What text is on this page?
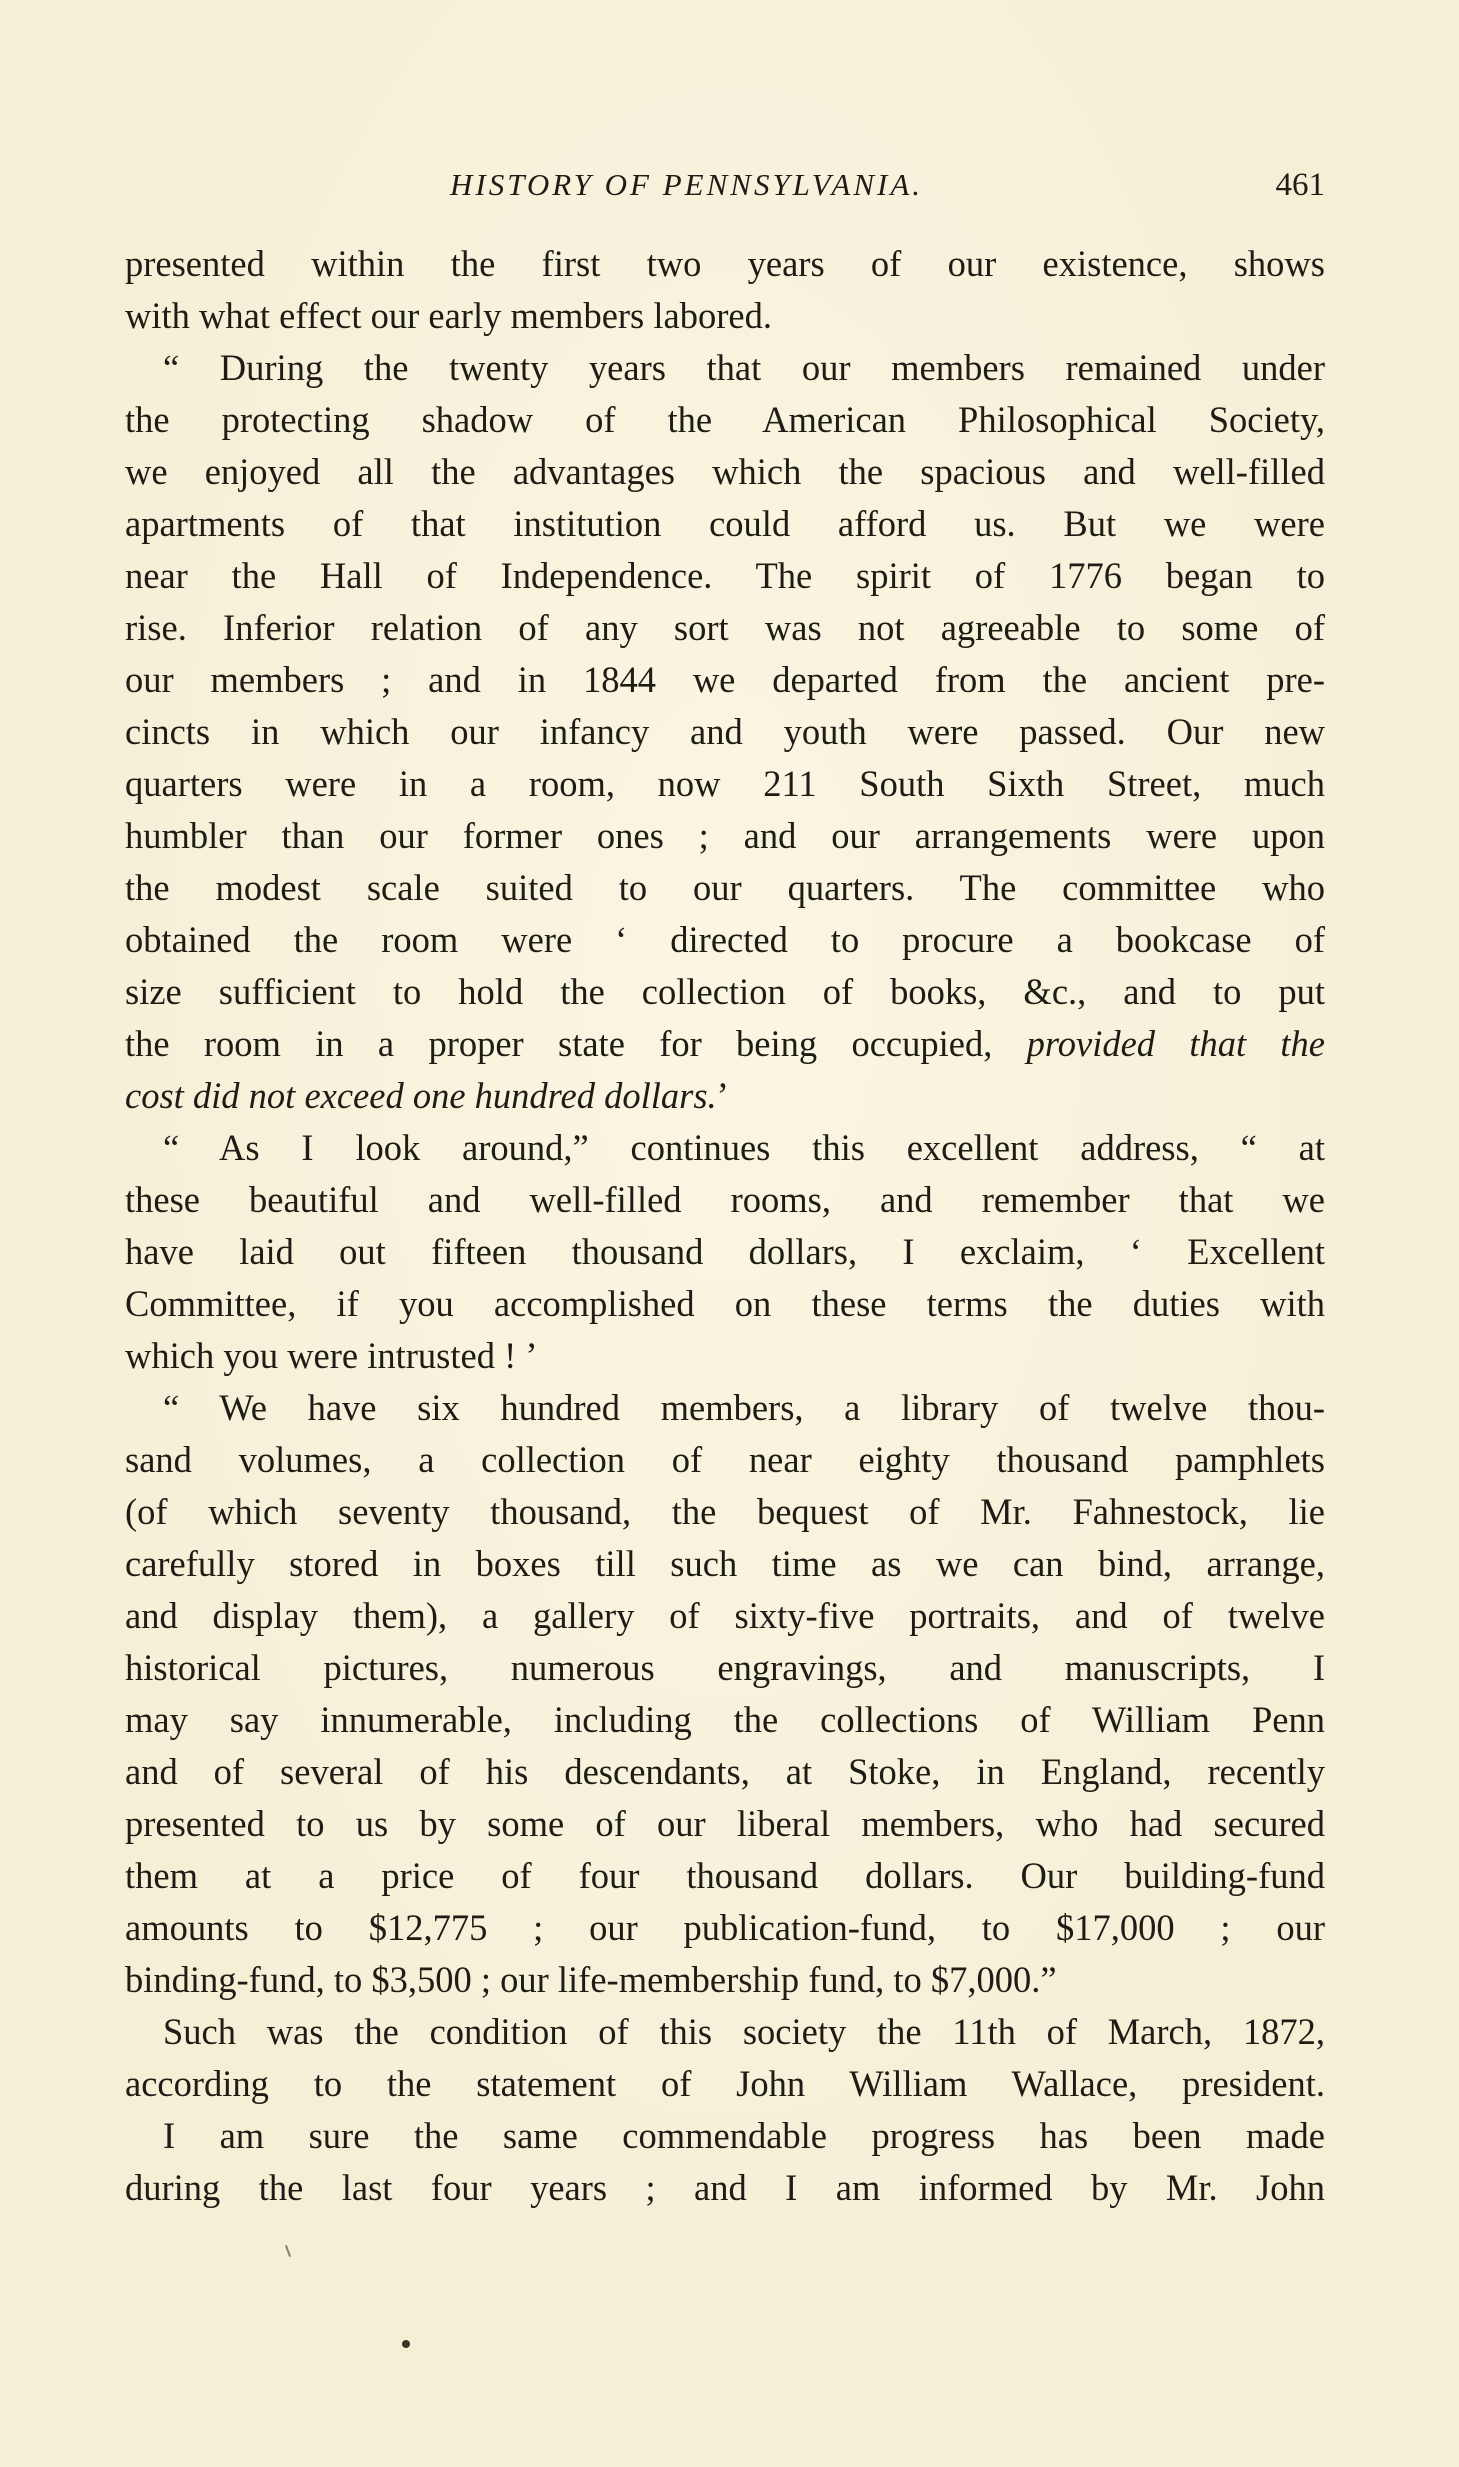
HISTORY OF PENNSYLVANIA.	461
presented within the first two years of our existence, shows
with what effect our early members labored.
“ During the twenty years that our members remained under
the protecting shadow of the American Philosophical Society,
we enjoyed all the advantages which the spacious and well-filled
apartments of that institution could afford us. But we were
near the Hall of Independence. The spirit of 1776 began to
rise. Inferior relation of any sort was not agreeable to some of
our members ; and in 1844 we departed from the ancient pre-
cincts in which our infancy and youth were passed. Our new
quarters were in a room, now 211 South Sixth Street, much
humbler than our former ones ; and our arrangements were upon
the modest scale suited to our quarters. The committee who
obtained the room were ‘ directed to procure a bookcase of
size sufficient to hold the collection of books, &c., and to put
the room in a proper state for being occupied, provided that the
cost did not exceed one hundred dollars.’
“ As I look around,” continues this excellent address, “ at
these beautiful and well-filled rooms, and remember that we
have laid out fifteen thousand dollars, I exclaim, ‘ Excellent
Committee, if you accomplished on these terms the duties with
which you were intrusted ! ’
“ We have six hundred members, a library of twelve thou-
sand volumes, a collection of near eighty thousand pamphlets
(of which seventy thousand, the bequest of Mr. Fahnestock, lie
carefully stored in boxes till such time as we can bind, arrange,
and display them), a gallery of sixty-five portraits, and of twelve
historical pictures, numerous engravings, and manuscripts, I
may say innumerable, including the collections of William Penn
and of several of his descendants, at Stoke, in England, recently
presented to us by some of our liberal members, who had secured
them at a price of four thousand dollars. Our building-fund
amounts to $12,775 ; our publication-fund, to $17,000 ; our
binding-fund, to $3,500 ; our life-membership fund, to $7,000.”
Such was the condition of this society the 11th of March, 1872,
according to the statement of John William Wallace, president.
I am sure the same commendable progress has been made
during the last four years ; and I am informed by Mr. John
